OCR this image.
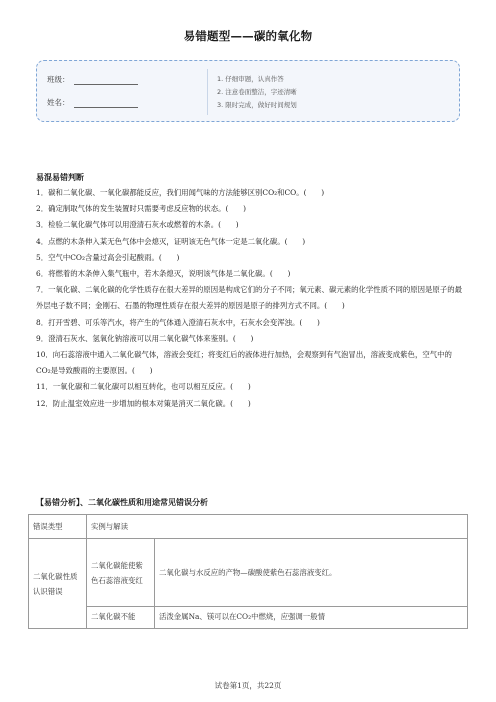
易错题型——碳的氧化物
班级：
姓名：
1. 仔细审题，认真作答
2. 注意卷面整洁，字迹清晰
3. 限时完成，做好时间规划
易混易错判断

1．碳和二氧化碳、一氧化碳都能反应，我们用闻气味的方法能够区别CO₂和CO。(　　)

2．确定制取气体的发生装置时只需要考虑反应物的状态。(　　)

3．检验二氧化碳气体可以用澄清石灰水或燃着的木条。(　　)

4．点燃的木条伸入某无色气体中会熄灭，证明该无色气体一定是二氧化碳。(　　)

5．空气中CO₂含量过高会引起酸雨。(　　)

6．将燃着的木条伸入集气瓶中，若木条熄灭，说明该气体是二氧化碳。(　　)

7．一氧化碳、二氧化碳的化学性质存在很大差异的原因是构成它们的分子不同；氧元素、碳元素的化学性质不同的原因是原子的最外层电子数不同；金刚石、石墨的物理性质存在很大差异的原因是原子的排列方式不同。(　　)

8．打开雪碧、可乐等汽水，将产生的气体通入澄清石灰水中，石灰水会变浑浊。(　　)

9．澄清石灰水、氢氧化钠溶液可以用二氧化碳气体来鉴别。(　　)

10．向石蕊溶液中通入二氧化碳气体，溶液会变红；将变红后的液体进行加热，会观察到有气泡冒出，溶液变成紫色，空气中的CO₂是导致酸雨的主要原因。(　　)

11．一氧化碳和二氧化碳可以相互转化，也可以相互反应。(　　)

12．防止温室效应进一步增加的根本对策是消灭二氧化碳。(　　)

【易错分析】、二氧化碳性质和用途常见错误分析
错误类型	实例与解读	
二氧化碳性质认识错误	二氧化碳能使紫色石蕊溶液变红	二氧化碳与水反应的产物—碳酸使紫色石蕊溶液变红。
	二氧化碳不能	活泼金属Na、镁可以在CO₂中燃烧，应强调一般情
试卷第1页，共22页
